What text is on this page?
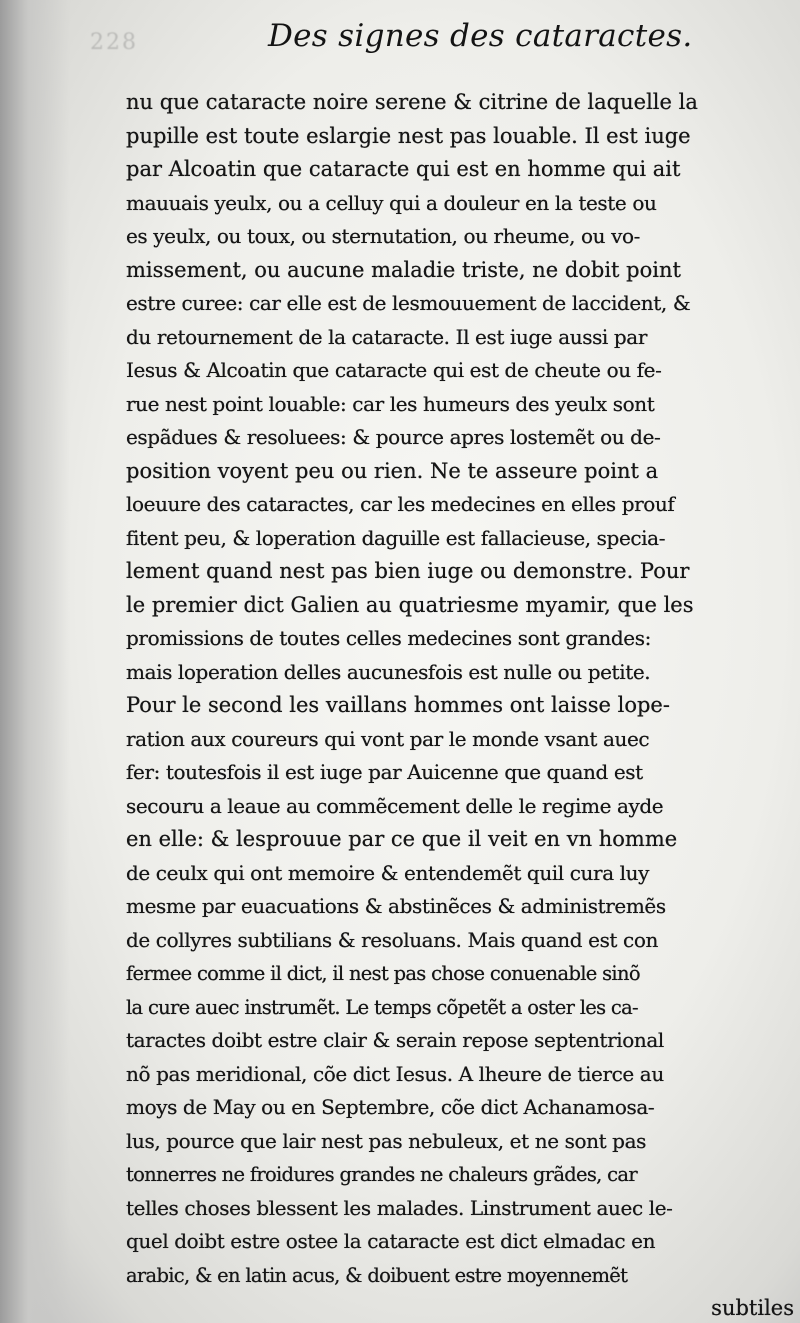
228	Des signes des cataractes.
nu que cataracte noire serene & citrine de laquelle la
pupille est toute eslargie nest pas louable. Il est iuge
par Alcoatin que cataracte qui est en homme qui ait
mauuais yeulx, ou a celluy qui a douleur en la teste ou
es yeulx, ou toux, ou sternutation, ou rheume, ou vo-
missement, ou aucune maladie triste, ne dobit point
estre curee: car elle est de lesmouuement de laccident, &
du retournement de la cataracte. Il est iuge aussi par
Iesus & Alcoatin que cataracte qui est de cheute ou fe-
rue nest point louable: car les humeurs des yeulx sont
espãdues & resoluees: & pource apres lostemẽt ou de-
position voyent peu ou rien. Ne te asseure point a
loeuure des cataractes, car les medecines en elles prouf
fitent peu, & loperation daguille est fallacieuse, specia-
lement quand nest pas bien iuge ou demonstre. Pour
le premier dict Galien au quatriesme myamir, que les
promissions de toutes celles medecines sont grandes:
mais loperation delles aucunesfois est nulle ou petite.
Pour le second les vaillans hommes ont laisse lope-
ration aux coureurs qui vont par le monde vsant auec
fer: toutesfois il est iuge par Auicenne que quand est
secouru a leaue au commẽcement delle le regime ayde
en elle: & lesprouue par ce que il veit en vn homme
de ceulx qui ont memoire & entendemẽt quil cura luy
mesme par euacuations & abstinẽces & administremẽs
de collyres subtilians & resoluans. Mais quand est con
fermee comme il dict, il nest pas chose conuenable sinõ
la cure auec instrumẽt. Le temps cõpetẽt a oster les ca-
taractes doibt estre clair & serain repose septentrional
nõ pas meridional, cõe dict Iesus. A lheure de tierce au
moys de May ou en Septembre, cõe dict Achanamosa-
lus, pource que lair nest pas nebuleux, et ne sont pas
tonnerres ne froidures grandes ne chaleurs grãdes, car
telles choses blessent les malades. Linstrument auec le-
quel doibt estre ostee la cataracte est dict elmadac en
arabic, & en latin acus, & doibuent estre moyennemẽt
subtiles
